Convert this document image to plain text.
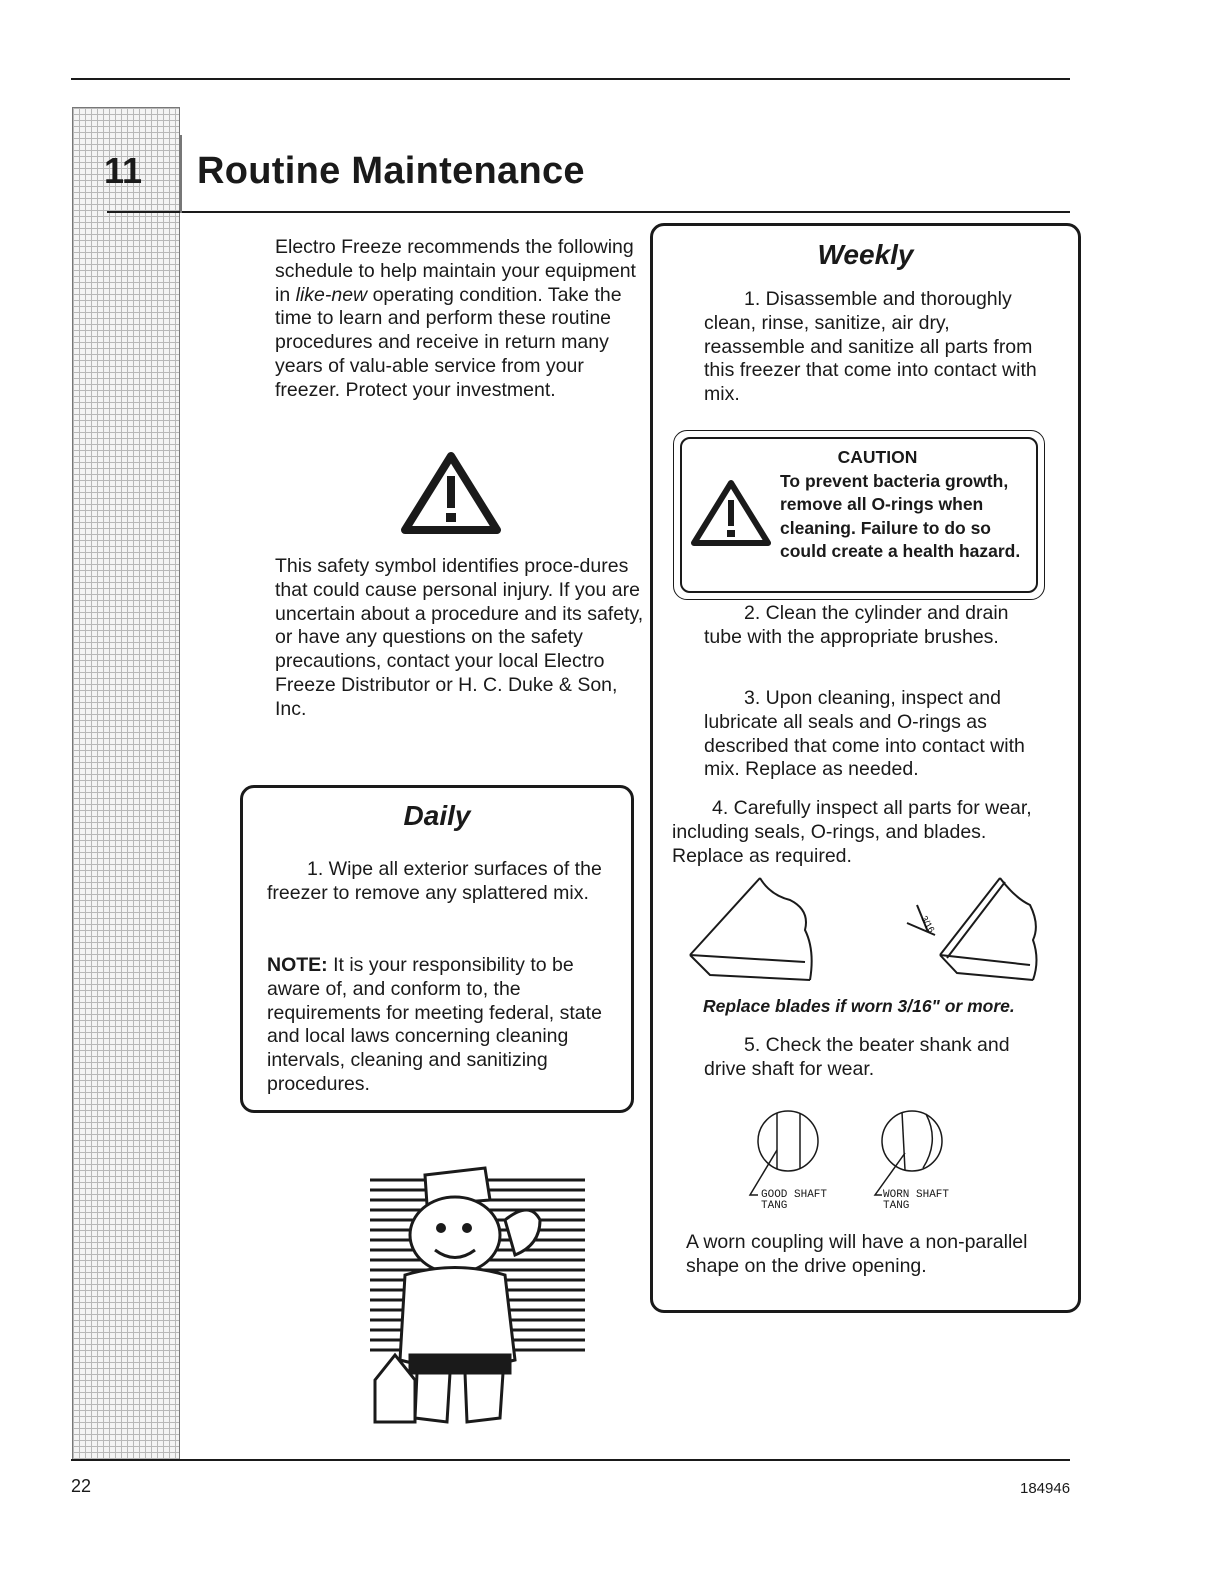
11 Routine Maintenance

Electro Freeze recommends the following schedule to help maintain your equipment in like-new operating condition. Take the time to learn and perform these routine procedures and receive in return many years of valu-able service from your freezer. Protect your investment.

This safety symbol identifies proce-dures that could cause personal injury. If you are uncertain about a procedure and its safety, or have any questions on the safety precautions, contact your local Electro Freeze Distributor or H. C. Duke & Son, Inc.

Daily

1. Wipe all exterior surfaces of the freezer to remove any splattered mix.

NOTE: It is your responsibility to be aware of, and conform to, the requirements for meeting federal, state and local laws concerning cleaning intervals, cleaning and sanitizing procedures.

Weekly

1. Disassemble and thoroughly clean, rinse, sanitize, air dry, reassemble and sanitize all parts from this freezer that come into contact with mix.

CAUTION
To prevent bacteria growth, remove all O-rings when cleaning. Failure to do so could create a health hazard.

2. Clean the cylinder and drain tube with the appropriate brushes.

3. Upon cleaning, inspect and lubricate all seals and O-rings as described that come into contact with mix. Replace as needed.

4. Carefully inspect all parts for wear, including seals, O-rings, and blades. Replace as required.

3/16
Replace blades if worn 3/16" or more.

5. Check the beater shank and drive shaft for wear.

GOOD SHAFT
TANG
WORN SHAFT
TANG

A worn coupling will have a non-parallel shape on the drive opening.

22	184946
